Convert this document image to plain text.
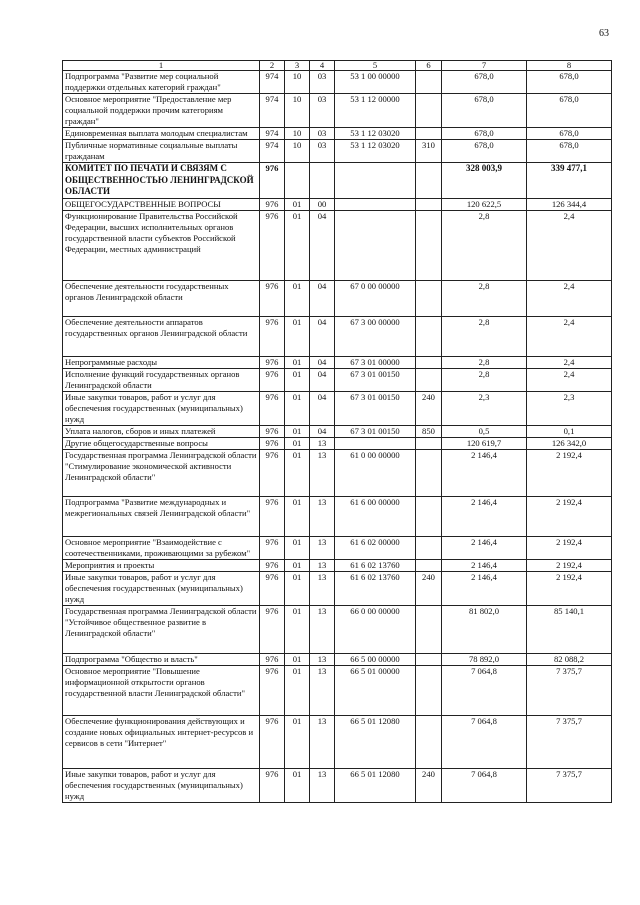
63
1	2	3	4	5	6	7	8
Подпрограмма "Развитие мер социальной поддержки отдельных категорий граждан"	974	10	03	53 1 00 00000		678,0	678,0
Основное мероприятие "Предоставление мер социальной поддержки прочим категориям граждан"	974	10	03	53 1 12 00000		678,0	678,0
Единовременная выплата молодым специалистам	974	10	03	53 1 12 03020		678,0	678,0
Публичные нормативные социальные выплаты гражданам	974	10	03	53 1 12 03020	310	678,0	678,0
КОМИТЕТ ПО ПЕЧАТИ И СВЯЗЯМ С ОБЩЕСТВЕННОСТЬЮ ЛЕНИНГРАДСКОЙ ОБЛАСТИ	976					328 003,9	339 477,1
ОБЩЕГОСУДАРСТВЕННЫЕ ВОПРОСЫ	976	01	00			120 622,5	126 344,4
Функционирование Правительства Российской Федерации, высших исполнительных органов государственной власти субъектов Российской Федерации, местных администраций	976	01	04			2,8	2,4
Обеспечение деятельности государственных органов Ленинградской области	976	01	04	67 0 00 00000		2,8	2,4
Обеспечение деятельности аппаратов государственных органов Ленинградской области	976	01	04	67 3 00 00000		2,8	2,4
Непрограммные расходы	976	01	04	67 3 01 00000		2,8	2,4
Исполнение функций государственных органов Ленинградской области	976	01	04	67 3 01 00150		2,8	2,4
Иные закупки товаров, работ и услуг для обеспечения государственных (муниципальных) нужд	976	01	04	67 3 01 00150	240	2,3	2,3
Уплата налогов, сборов и иных платежей	976	01	04	67 3 01 00150	850	0,5	0,1
Другие общегосударственные вопросы	976	01	13			120 619,7	126 342,0
Государственная программа Ленинградской области "Стимулирование экономической активности Ленинградской области"	976	01	13	61 0 00 00000		2 146,4	2 192,4
Подпрограмма "Развитие международных и межрегиональных связей Ленинградской области"	976	01	13	61 6 00 00000		2 146,4	2 192,4
Основное мероприятие "Взаимодействие с соотечественниками, проживающими за рубежом"	976	01	13	61 6 02 00000		2 146,4	2 192,4
Мероприятия и проекты	976	01	13	61 6 02 13760		2 146,4	2 192,4
Иные закупки товаров, работ и услуг для обеспечения государственных (муниципальных) нужд	976	01	13	61 6 02 13760	240	2 146,4	2 192,4
Государственная программа Ленинградской области "Устойчивое общественное развитие в Ленинградской области"	976	01	13	66 0 00 00000		81 802,0	85 140,1
Подпрограмма "Общество и власть"	976	01	13	66 5 00 00000		78 892,0	82 088,2
Основное мероприятие "Повышение информационной открытости органов государственной власти Ленинградской области"	976	01	13	66 5 01 00000		7 064,8	7 375,7
Обеспечение функционирования действующих и создание новых официальных интернет-ресурсов и сервисов в сети "Интернет"	976	01	13	66 5 01 12080		7 064,8	7 375,7
Иные закупки товаров, работ и услуг для обеспечения государственных (муниципальных) нужд	976	01	13	66 5 01 12080	240	7 064,8	7 375,7
